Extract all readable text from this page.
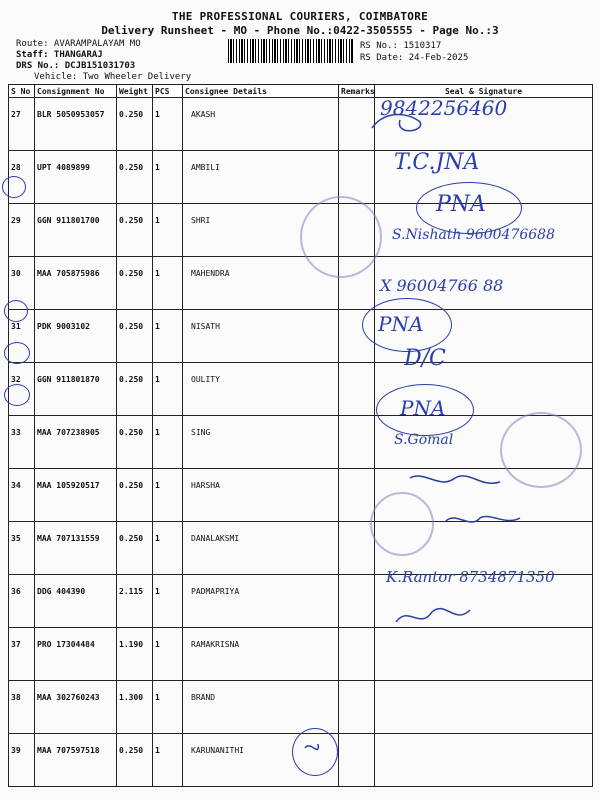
THE PROFESSIONAL COURIERS, COIMBATORE
Delivery Runsheet - MO - Phone No.:0422-3505555 - Page No.:3
Route: AVARAMPALAYAM MO
Staff: THANGARAJ
DRS No.: DCJB151031703
Vehicle: Two Wheeler Delivery
RS No.: 1510317
RS Date: 24-Feb-2025
S No	Consignment No	Weight	PCS	Consignee Details	Remarks	Seal & Signature
27	BLR 5050953057	0.250	1	AKASH		
28	UPT 4089899	0.250	1	AMBILI		
29	GGN 911801700	0.250	1	SHRI		
30	MAA 705875986	0.250	1	MAHENDRA		
31	PDK 9003102	0.250	1	NISATH		
32	GGN 911801870	0.250	1	OULITY		
33	MAA 707238905	0.250	1	SING		
34	MAA 105920517	0.250	1	HARSHA		
35	MAA 707131559	0.250	1	DANALAKSMI		
36	DDG 404390	2.115	1	PADMAPRIYA		
37	PRO 17304484	1.190	1	RAMAKRISNA		
38	MAA 302760243	1.300	1	BRAND		
39	MAA 707597518	0.250	1	KARUNANITHI		
9842256460
T.C.JNA
PNA
S.Nishath 9600476688
X 96004766 88
PNA
D/C
PNA
S.Gomal
K.Rantor 8734871350
